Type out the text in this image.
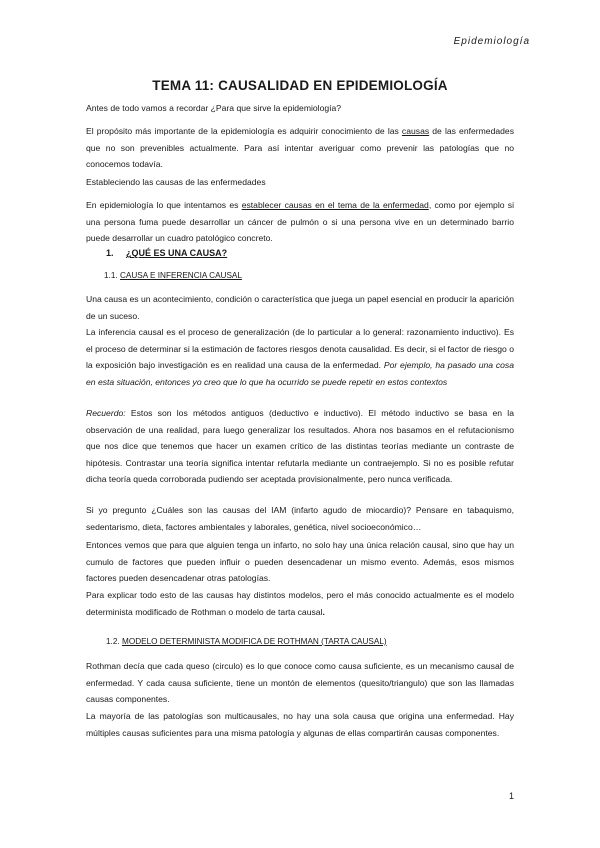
Epidemiología
TEMA 11: CAUSALIDAD EN EPIDEMIOLOGÍA

Antes de todo vamos a recordar ¿Para que sirve la epidemiología?

El propósito más importante de la epidemiología es adquirir conocimiento de las causas de las enfermedades que no son prevenibles actualmente. Para así intentar averiguar como prevenir las patologías que no conocemos todavía.

Estableciendo las causas de las enfermedades

En epidemiología lo que intentamos es establecer causas en el tema de la enfermedad, como por ejemplo si una persona fuma puede desarrollar un cáncer de pulmón o si una persona vive en un determinado barrio puede desarrollar un cuadro patológico concreto.

1. ¿QUÉ ES UNA CAUSA?
1.1. CAUSA E INFERENCIA CAUSAL

Una causa es un acontecimiento, condición o característica que juega un papel esencial en producir la aparición de un suceso.

La inferencia causal es el proceso de generalización (de lo particular a lo general: razonamiento inductivo). Es el proceso de determinar si la estimación de factores riesgos denota causalidad. Es decir, si el factor de riesgo o la exposición bajo investigación es en realidad una causa de la enfermedad. Por ejemplo, ha pasado una cosa en esta situación, entonces yo creo que lo que ha ocurrido se puede repetir en estos contextos

Recuerdo: Estos son los métodos antiguos (deductivo e inductivo). El método inductivo se basa en la observación de una realidad, para luego generalizar los resultados. Ahora nos basamos en el refutacionismo que nos dice que tenemos que hacer un examen crítico de las distintas teorías mediante un contraste de hipótesis. Contrastar una teoría significa intentar refutarla mediante un contraejemplo. Si no es posible refutar dicha teoría queda corroborada pudiendo ser aceptada provisionalmente, pero nunca verificada.

Si yo pregunto ¿Cuáles son las causas del IAM (infarto agudo de miocardio)? Pensare en tabaquismo, sedentarismo, dieta, factores ambientales y laborales, genética, nivel socioeconómico…

Entonces vemos que para que alguien tenga un infarto, no solo hay una única relación causal, sino que hay un cumulo de factores que pueden influir o pueden desencadenar un mismo evento. Además, esos mismos factores pueden desencadenar otras patologías.

Para explicar todo esto de las causas hay distintos modelos, pero el más conocido actualmente es el modelo determinista modificado de Rothman o modelo de tarta causal.

1.2. MODELO DETERMINISTA MODIFICA DE ROTHMAN (TARTA CAUSAL)

Rothman decía que cada queso (circulo) es lo que conoce como causa suficiente, es un mecanismo causal de enfermedad. Y cada causa suficiente, tiene un montón de elementos (quesito/triangulo) que son las llamadas causas componentes.

La mayoría de las patologías son multicausales, no hay una sola causa que origina una enfermedad. Hay múltiples causas suficientes para una misma patología y algunas de ellas compartirán causas componentes.

1
